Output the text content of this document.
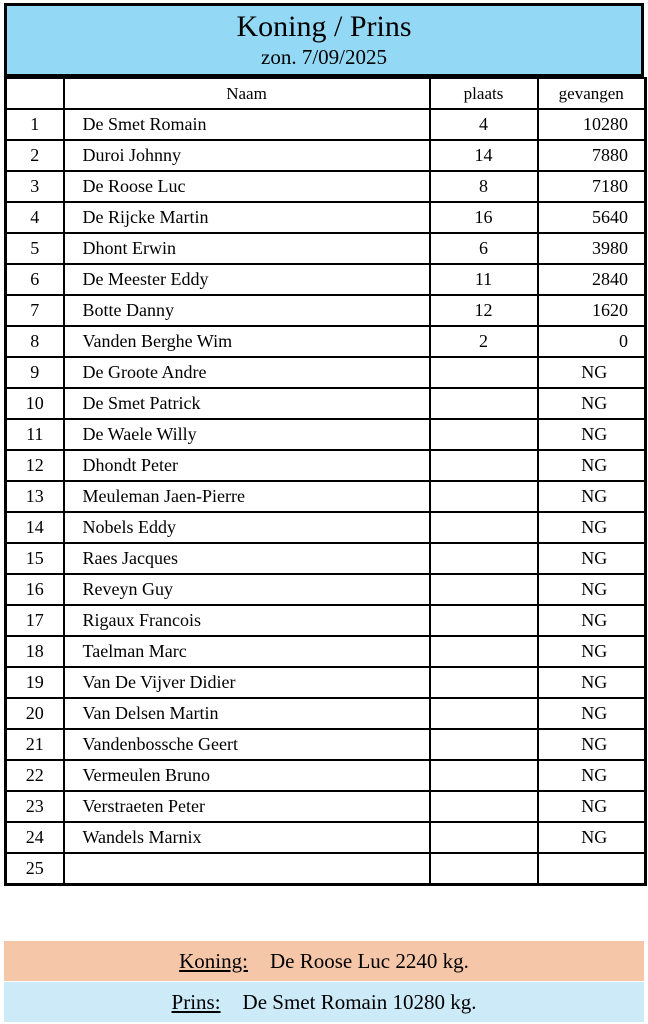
Koning / Prins
zon. 7/09/2025
	Naam	plaats	gevangen
1	De Smet Romain	4	10280
2	Duroi Johnny	14	7880
3	De Roose Luc	8	7180
4	De Rijcke Martin	16	5640
5	Dhont Erwin	6	3980
6	De Meester Eddy	11	2840
7	Botte Danny	12	1620
8	Vanden Berghe Wim	2	0
9	De Groote Andre		NG
10	De Smet Patrick		NG
11	De Waele Willy		NG
12	Dhondt Peter		NG
13	Meuleman Jaen-Pierre		NG
14	Nobels Eddy		NG
15	Raes Jacques		NG
16	Reveyn Guy		NG
17	Rigaux Francois		NG
18	Taelman Marc		NG
19	Van De Vijver Didier		NG
20	Van Delsen Martin		NG
21	Vandenbossche Geert		NG
22	Vermeulen Bruno		NG
23	Verstraeten Peter		NG
24	Wandels Marnix		NG
25			
Koning: De Roose Luc 2240 kg.
Prins: De Smet Romain 10280 kg.
